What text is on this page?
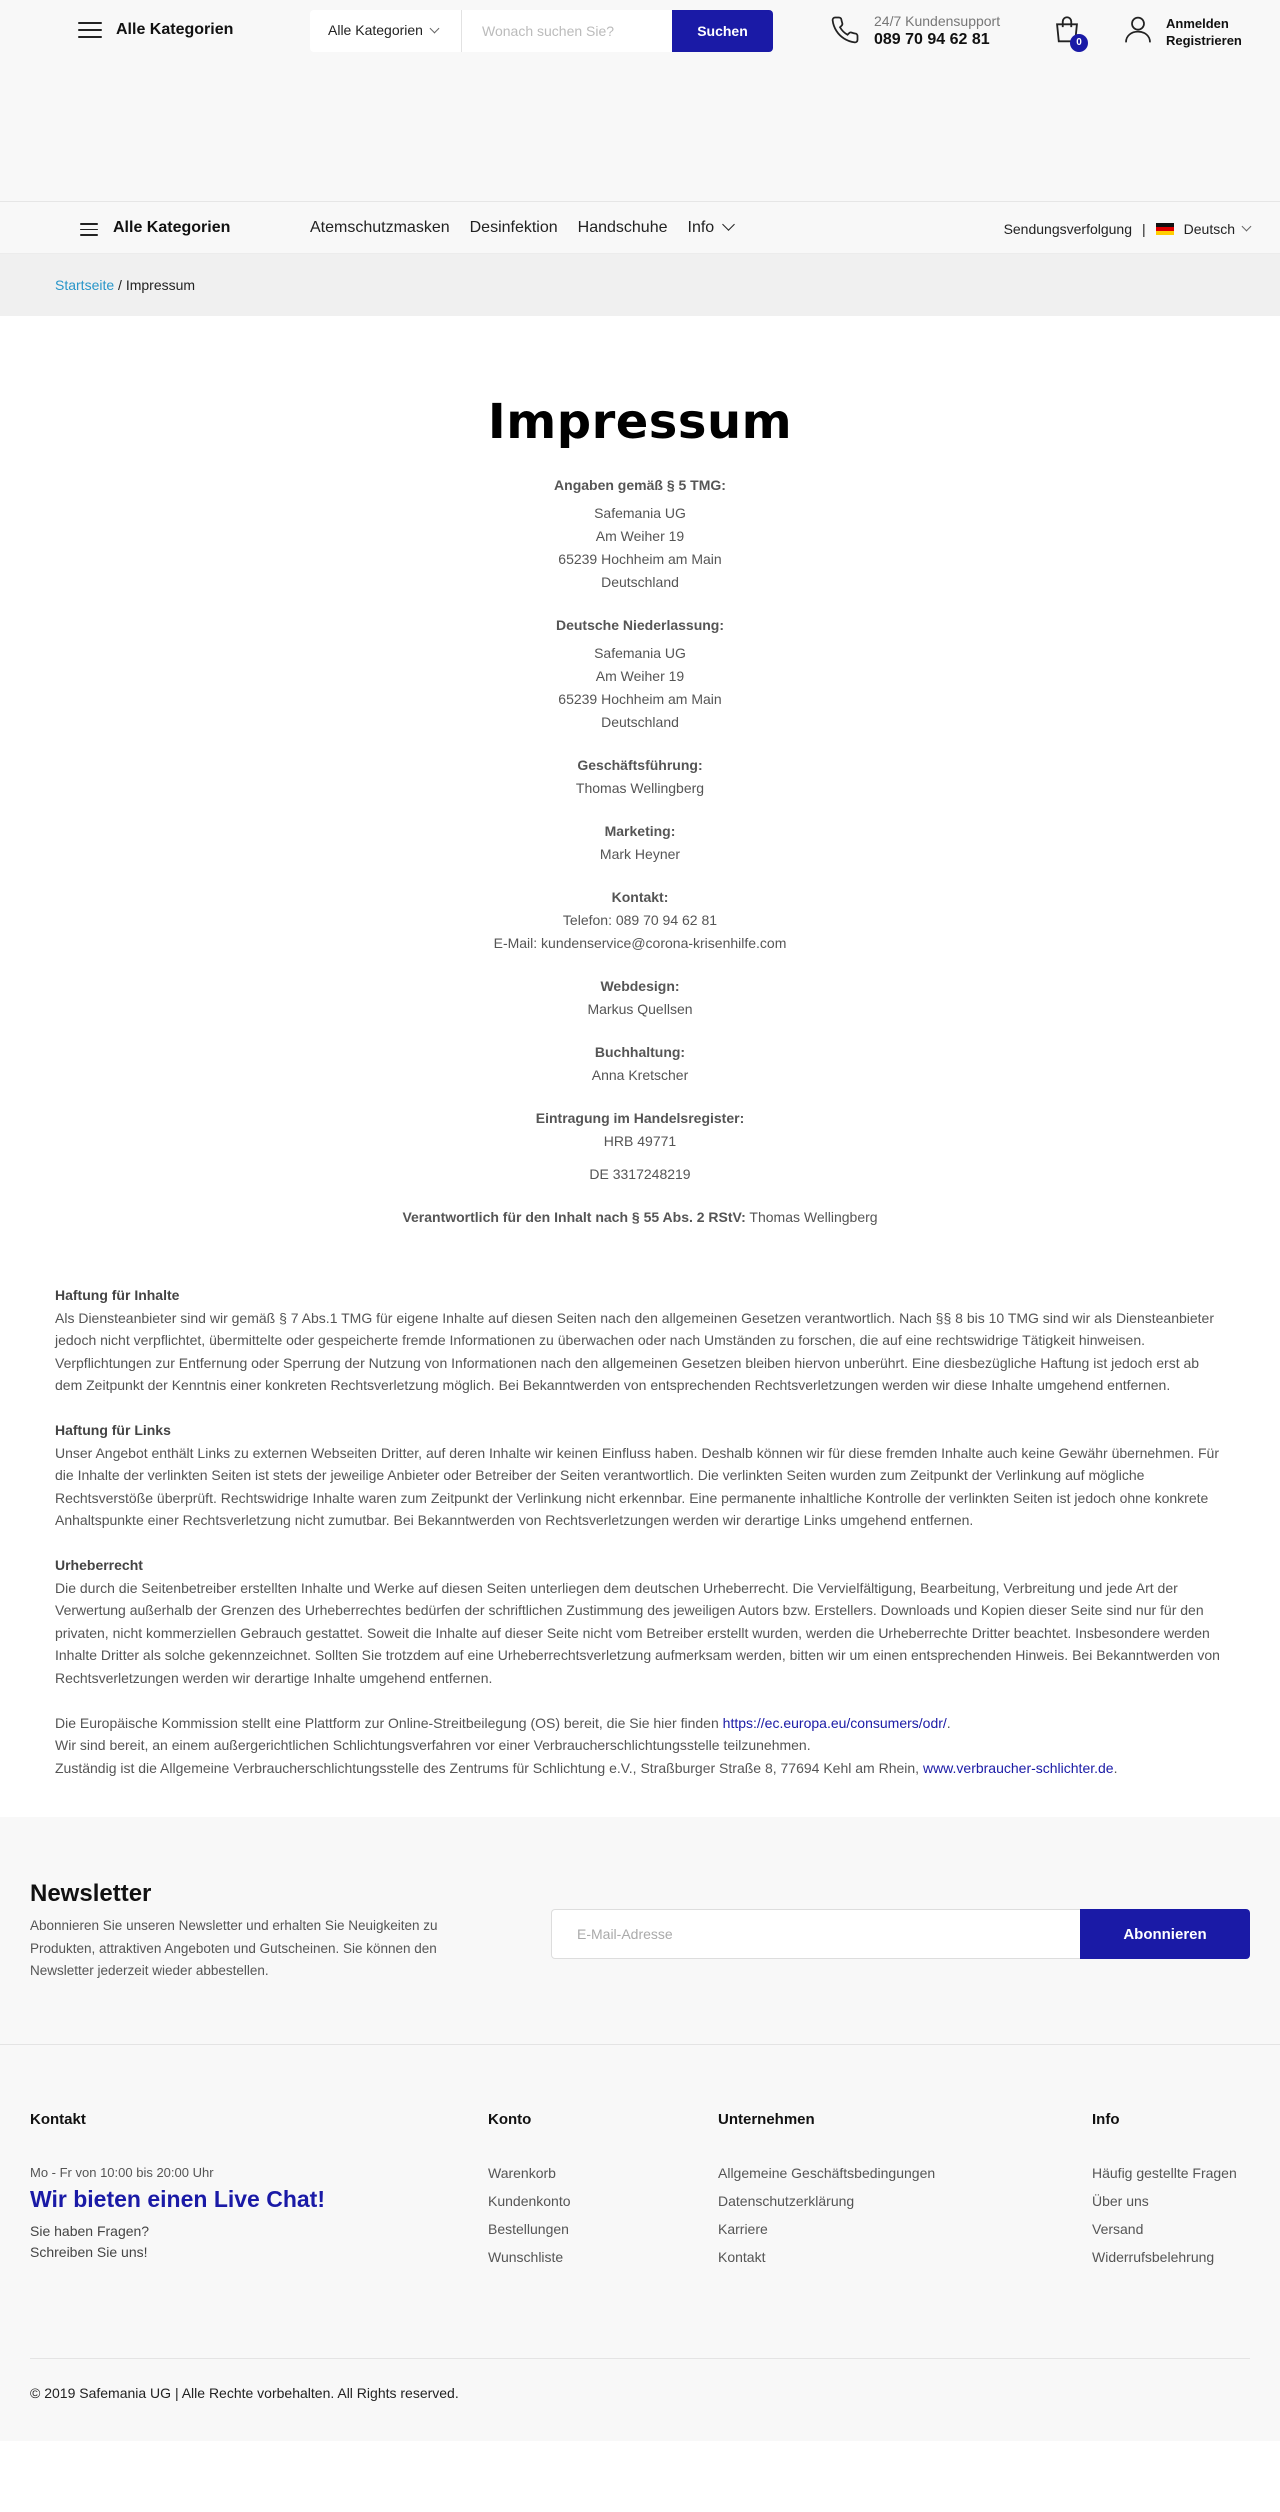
Alle Kategorien	Alle Kategorien
Wonach suchen Sie?	Suchen
24/7 Kundensupport
089 70 94 62 81	0
Anmelden
Registrieren
Alle Kategorien	Atemschutzmasken Desinfektion Handschuhe Info	Sendungsverfolgung |	Deutsch
Startseite / Impressum
Impressum
Angaben gemäß § 5 TMG:
Safemania UG
Am Weiher 19
65239 Hochheim am Main
Deutschland
Deutsche Niederlassung:
Safemania UG
Am Weiher 19
65239 Hochheim am Main
Deutschland
Geschäftsführung:
Thomas Wellingberg
Marketing:
Mark Heyner
Kontakt:
Telefon: 089 70 94 62 81
E-Mail: kundenservice@corona-krisenhilfe.com
Webdesign:
Markus Quellsen
Buchhaltung:
Anna Kretscher
Eintragung im Handelsregister:
HRB 49771
DE 3317248219
Verantwortlich für den Inhalt nach § 55 Abs. 2 RStV: Thomas Wellingberg
Haftung für Inhalte
Als Diensteanbieter sind wir gemäß § 7 Abs.1 TMG für eigene Inhalte auf diesen Seiten nach den allgemeinen Gesetzen verantwortlich. Nach §§ 8 bis 10 TMG sind wir als Diensteanbieter jedoch nicht verpflichtet, übermittelte oder gespeicherte fremde Informationen zu überwachen oder nach Umständen zu forschen, die auf eine rechtswidrige Tätigkeit hinweisen. Verpflichtungen zur Entfernung oder Sperrung der Nutzung von Informationen nach den allgemeinen Gesetzen bleiben hiervon unberührt. Eine diesbezügliche Haftung ist jedoch erst ab dem Zeitpunkt der Kenntnis einer konkreten Rechtsverletzung möglich. Bei Bekanntwerden von entsprechenden Rechtsverletzungen werden wir diese Inhalte umgehend entfernen.
Haftung für Links
Unser Angebot enthält Links zu externen Webseiten Dritter, auf deren Inhalte wir keinen Einfluss haben. Deshalb können wir für diese fremden Inhalte auch keine Gewähr übernehmen. Für die Inhalte der verlinkten Seiten ist stets der jeweilige Anbieter oder Betreiber der Seiten verantwortlich. Die verlinkten Seiten wurden zum Zeitpunkt der Verlinkung auf mögliche Rechtsverstöße überprüft. Rechtswidrige Inhalte waren zum Zeitpunkt der Verlinkung nicht erkennbar. Eine permanente inhaltliche Kontrolle der verlinkten Seiten ist jedoch ohne konkrete Anhaltspunkte einer Rechtsverletzung nicht zumutbar. Bei Bekanntwerden von Rechtsverletzungen werden wir derartige Links umgehend entfernen.
Urheberrecht
Die durch die Seitenbetreiber erstellten Inhalte und Werke auf diesen Seiten unterliegen dem deutschen Urheberrecht. Die Vervielfältigung, Bearbeitung, Verbreitung und jede Art der Verwertung außerhalb der Grenzen des Urheberrechtes bedürfen der schriftlichen Zustimmung des jeweiligen Autors bzw. Erstellers. Downloads und Kopien dieser Seite sind nur für den privaten, nicht kommerziellen Gebrauch gestattet. Soweit die Inhalte auf dieser Seite nicht vom Betreiber erstellt wurden, werden die Urheberrechte Dritter beachtet. Insbesondere werden Inhalte Dritter als solche gekennzeichnet. Sollten Sie trotzdem auf eine Urheberrechtsverletzung aufmerksam werden, bitten wir um einen entsprechenden Hinweis. Bei Bekanntwerden von Rechtsverletzungen werden wir derartige Inhalte umgehend entfernen.
Die Europäische Kommission stellt eine Plattform zur Online-Streitbeilegung (OS) bereit, die Sie hier finden https://ec.europa.eu/consumers/odr/.
Wir sind bereit, an einem außergerichtlichen Schlichtungsverfahren vor einer Verbraucherschlichtungsstelle teilzunehmen.
Zuständig ist die Allgemeine Verbraucherschlichtungsstelle des Zentrums für Schlichtung e.V., Straßburger Straße 8, 77694 Kehl am Rhein, www.verbraucher-schlichter.de.
Newsletter
Abonnieren Sie unseren Newsletter und erhalten Sie Neuigkeiten zu Produkten, attraktiven Angeboten und Gutscheinen. Sie können den Newsletter jederzeit wieder abbestellen.
E-Mail-Adresse
Abonnieren
Kontakt
Mo - Fr von 10:00 bis 20:00 Uhr
Wir bieten einen Live Chat!
Sie haben Fragen?
Schreiben Sie uns!
Konto
Warenkorb
Kundenkonto
Bestellungen
Wunschliste
Unternehmen
Allgemeine Geschäftsbedingungen
Datenschutzerklärung
Karriere
Kontakt
Info
Häufig gestellte Fragen
Über uns
Versand
Widerrufsbelehrung
© 2019 Safemania UG | Alle Rechte vorbehalten. All Rights reserved.
